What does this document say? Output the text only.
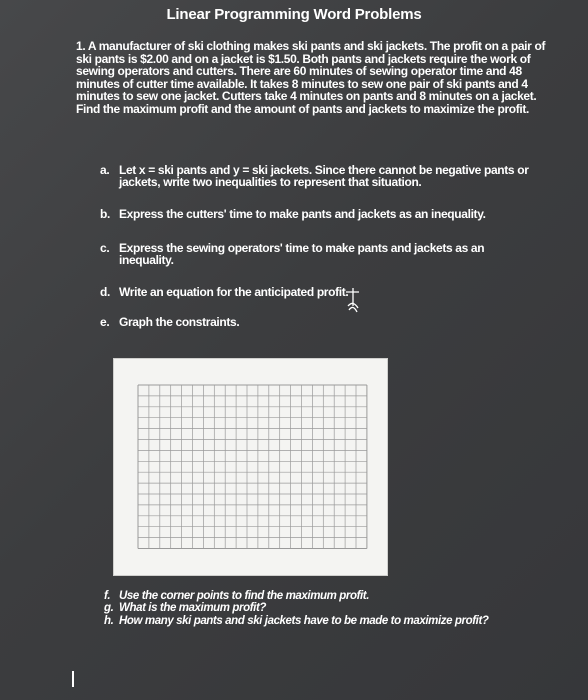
Linear Programming Word Problems
1. A manufacturer of ski clothing makes ski pants and ski jackets. The profit on a pair of ski pants is $2.00 and on a jacket is $1.50. Both pants and jackets require the work of sewing operators and cutters. There are 60 minutes of sewing operator time and 48 minutes of cutter time available. It takes 8 minutes to sew one pair of ski pants and 4 minutes to sew one jacket. Cutters take 4 minutes on pants and 8 minutes on a jacket. Find the maximum profit and the amount of pants and jackets to maximize the profit.
a. Let x = ski pants and y = ski jackets. Since there cannot be negative pants or jackets, write two inequalities to represent that situation.
b. Express the cutters' time to make pants and jackets as an inequality.
c. Express the sewing operators' time to make pants and jackets as an inequality.
d. Write an equation for the anticipated profit.
e. Graph the constraints.
f. Use the corner points to find the maximum profit.
g. What is the maximum profit?
h. How many ski pants and ski jackets have to be made to maximize profit?
